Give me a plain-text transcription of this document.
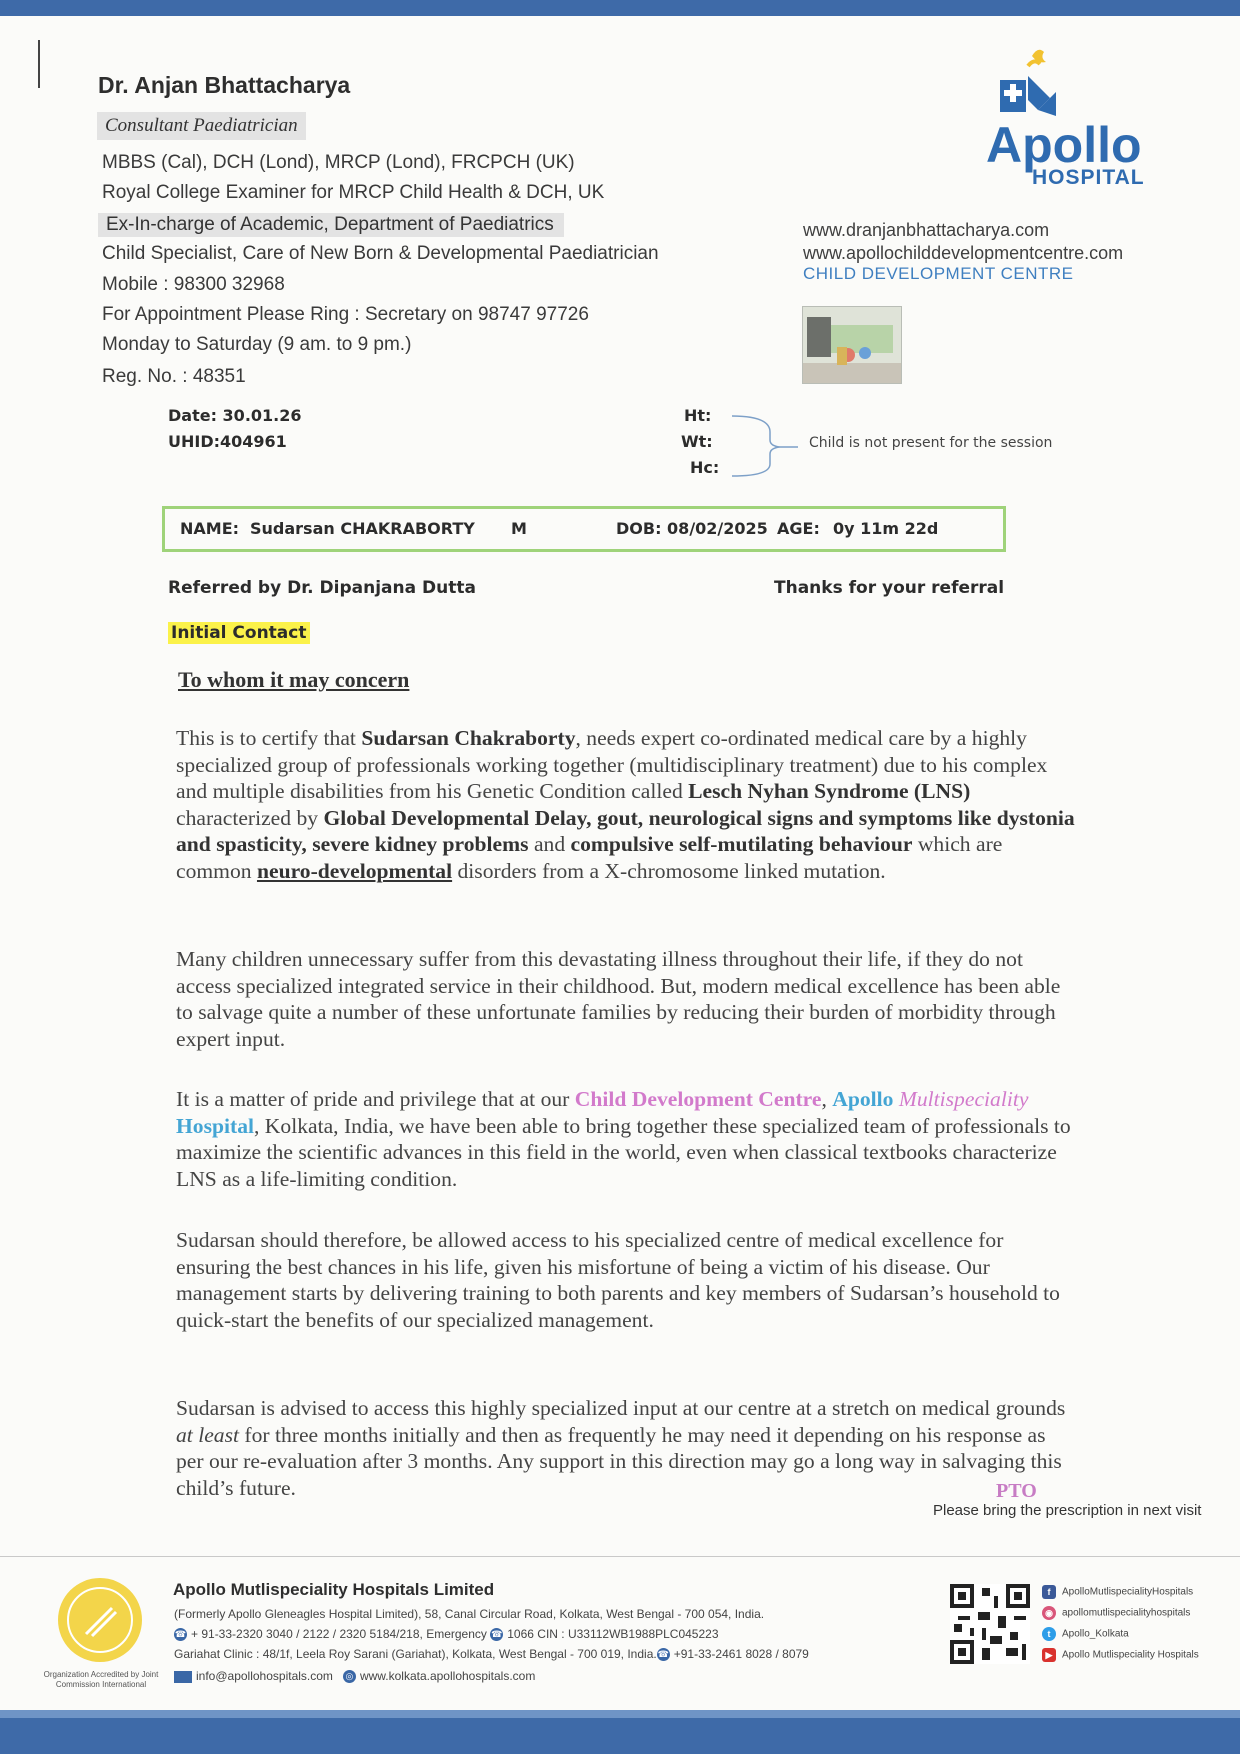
Dr. Anjan Bhattacharya
Consultant Paediatrician
MBBS (Cal), DCH (Lond), MRCP (Lond), FRCPCH (UK)
Royal College Examiner for MRCP Child Health & DCH, UK
Ex-In-charge of Academic, Department of Paediatrics
Child Specialist, Care of New Born & Developmental Paediatrician
Mobile : 98300 32968
For Appointment Please Ring : Secretary on 98747 97726
Monday to Saturday (9 am. to 9 pm.)
Reg. No. : 48351
Apollo
HOSPITAL
www.dranjanbhattacharya.com
www.apollochilddevelopmentcentre.com
CHILD DEVELOPMENT CENTRE
Date: 30.01.26
UHID:404961
Ht:
Wt:
Hc:
Child is not present for the session
NAME: Sudarsan CHAKRABORTY M	DOB: 08/02/2025 AGE: 0y 11m 22d
Referred by Dr. Dipanjana Dutta	Thanks for your referral
Initial Contact
To whom it may concern
This is to certify that Sudarsan Chakraborty, needs expert co-ordinated medical care by a highly specialized group of professionals working together (multidisciplinary treatment) due to his complex and multiple disabilities from his Genetic Condition called Lesch Nyhan Syndrome (LNS) characterized by Global Developmental Delay, gout, neurological signs and symptoms like dystonia and spasticity, severe kidney problems and compulsive self-mutilating behaviour which are common neuro-developmental disorders from a X-chromosome linked mutation.
Many children unnecessary suffer from this devastating illness throughout their life, if they do not access specialized integrated service in their childhood. But, modern medical excellence has been able to salvage quite a number of these unfortunate families by reducing their burden of morbidity through expert input.
It is a matter of pride and privilege that at our Child Development Centre, Apollo Multispeciality Hospital, Kolkata, India, we have been able to bring together these specialized team of professionals to maximize the scientific advances in this field in the world, even when classical textbooks characterize LNS as a life-limiting condition.
Sudarsan should therefore, be allowed access to his specialized centre of medical excellence for ensuring the best chances in his life, given his misfortune of being a victim of his disease. Our management starts by delivering training to both parents and key members of Sudarsan’s household to quick-start the benefits of our specialized management.
Sudarsan is advised to access this highly specialized input at our centre at a stretch on medical grounds at least for three months initially and then as frequently he may need it depending on his response as per our re-evaluation after 3 months. Any support in this direction may go a long way in salvaging this child’s future.	PTO
Please bring the prescription in next visit
Organization Accredited by Joint Commission International
Apollo Mutlispeciality Hospitals Limited
(Formerly Apollo Gleneagles Hospital Limited), 58, Canal Circular Road, Kolkata, West Bengal - 700 054, India.
☎ + 91-33-2320 3040 / 2122 / 2320 5184/218, Emergency ☎ 1066 CIN : U33112WB1988PLC045223
Gariahat Clinic : 48/1f, Leela Roy Sarani (Gariahat), Kolkata, West Bengal - 700 019, India.☎ +91-33-2461 8028 / 8079
info@apollohospitals.com ◎ www.kolkata.apollohospitals.com
f ApolloMutlispecialityHospitals
◉ apollomutlispecialityhospitals
t Apollo_Kolkata
▶ Apollo Mutlispeciality Hospitals
